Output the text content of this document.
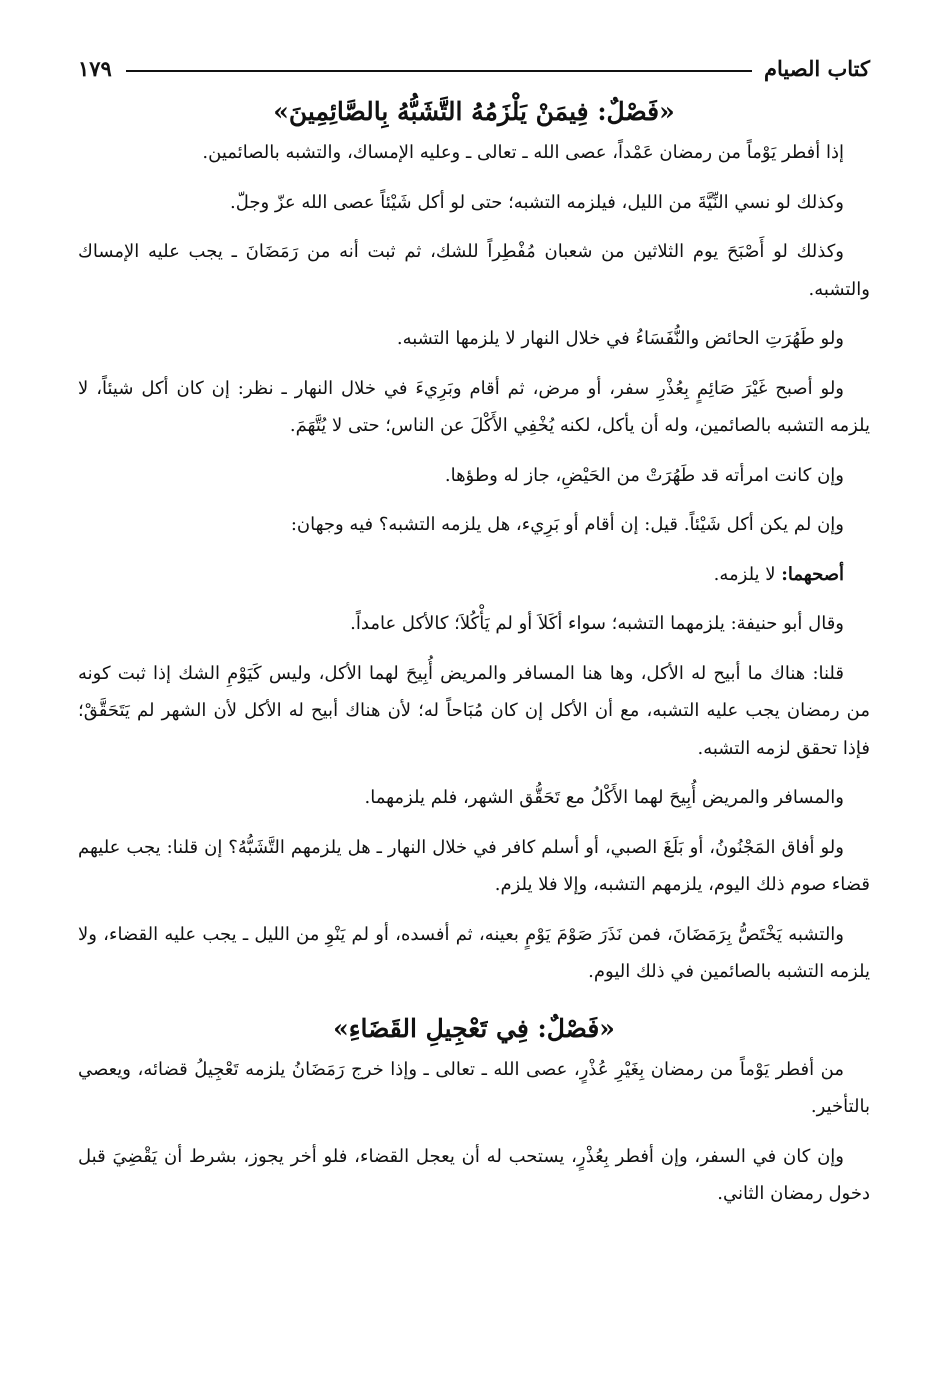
كتاب الصيام
١٧٩
«فَصْلٌ: فِيمَنْ يَلْزَمُهُ التَّشَبُّهُ بِالصَّائِمِينَ»

إذا أفطر يَوْماً من رمضان عَمْداً، عصى الله ـ تعالى ـ وعليه الإمساك، والتشبه بالصائمين.

وكذلك لو نسي النِّيَّةَ من الليل، فيلزمه التشبه؛ حتى لو أكل شَيْئاً عصى الله عزّ وجلّ.

وكذلك لو أَصْبَحَ يوم الثلاثين من شعبان مُفْطِراً للشك، ثم ثبت أنه من رَمَضَانَ ـ يجب عليه الإمساك والتشبه.

ولو طَهُرَتِ الحائض والنُّفَسَاءُ في خلال النهار لا يلزمها التشبه.

ولو أصبح غَيْرَ صَائِمٍ بِعُذْرِ سفر، أو مرض، ثم أقام وبَرِيءَ في خلال النهار ـ نظر: إن كان أكل شيئاً، لا يلزمه التشبه بالصائمين، وله أن يأكل، لكنه يُخْفِي الأَكْلَ عن الناس؛ حتى لا يُتَّهَمَ.

وإن كانت امرأته قد طَهُرَتْ من الحَيْضِ، جاز له وطؤها.

وإن لم يكن أكل شَيْئاً. قيل: إن أقام أو بَرِيء، هل يلزمه التشبه؟ فيه وجهان:

أصحهما: لا يلزمه.

وقال أبو حنيفة: يلزمهما التشبه؛ سواء أكَلاَ أو لم يَأْكُلاَ؛ كالأكل عامداً.

قلنا: هناك ما أبيح له الأكل، وها هنا المسافر والمريض أُبِيحَ لهما الأكل، وليس كَيَوْمِ الشك إذا ثبت كونه من رمضان يجب عليه التشبه، مع أن الأكل إن كان مُبَاحاً له؛ لأن هناك أبيح له الأكل لأن الشهر لم يَتَحَقَّقْ؛ فإذا تحقق لزمه التشبه.

والمسافر والمريض أُبِيحَ لهما الأَكْلُ مع تَحَقُّق الشهر، فلم يلزمهما.

ولو أفاق المَجْنُونُ، أو بَلَغَ الصبي، أو أسلم كافر في خلال النهار ـ هل يلزمهم التَّشَبُّهُ؟ إن قلنا: يجب عليهم قضاء صوم ذلك اليوم، يلزمهم التشبه، وإلا فلا يلزم.

والتشبه يَخْتَصُّ بِرَمَضَانَ، فمن نَذَرَ صَوْمَ يَوْمٍ بعينه، ثم أفسده، أو لم يَنْوِ من الليل ـ يجب عليه القضاء، ولا يلزمه التشبه بالصائمين في ذلك اليوم.

«فَصْلٌ: فِي تَعْجِيلِ القَضَاءِ»

من أفطر يَوْماً من رمضان بِغَيْرِ عُذْرٍ، عصى الله ـ تعالى ـ وإذا خرج رَمَضَانُ يلزمه تَعْجِيلُ قضائه، ويعصي بالتأخير.

وإن كان في السفر، وإن أفطر بِعُذْرٍ، يستحب له أن يعجل القضاء، فلو أخر يجوز، بشرط أن يَقْضِيَ قبل دخول رمضان الثاني.
